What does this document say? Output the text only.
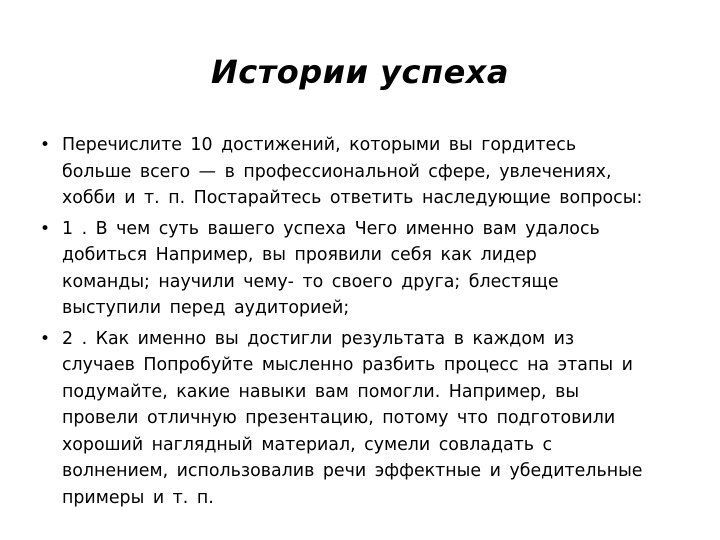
Истории успеха
• Перечислите 10 достижений, которыми вы гордитесь
больше всего — в профессиональной сфере, увлечениях,
хобби и т. п. Постарайтесь ответить наследующие вопросы:
• 1 . В чем суть вашего успеха Чего именно вам удалось
добиться Например, вы проявили себя как лидер
команды; научили чему- то своего друга; блестяще
выступили перед аудиторией;
• 2 . Как именно вы достигли результата в каждом из
случаев Попробуйте мысленно разбить процесс на этапы и
подумайте, какие навыки вам помогли. Например, вы
провели отличную презентацию, потому что подготовили
хороший наглядный материал, сумели совладать с
волнением, использовалив речи эффектные и убедительные
примеры и т. п.
